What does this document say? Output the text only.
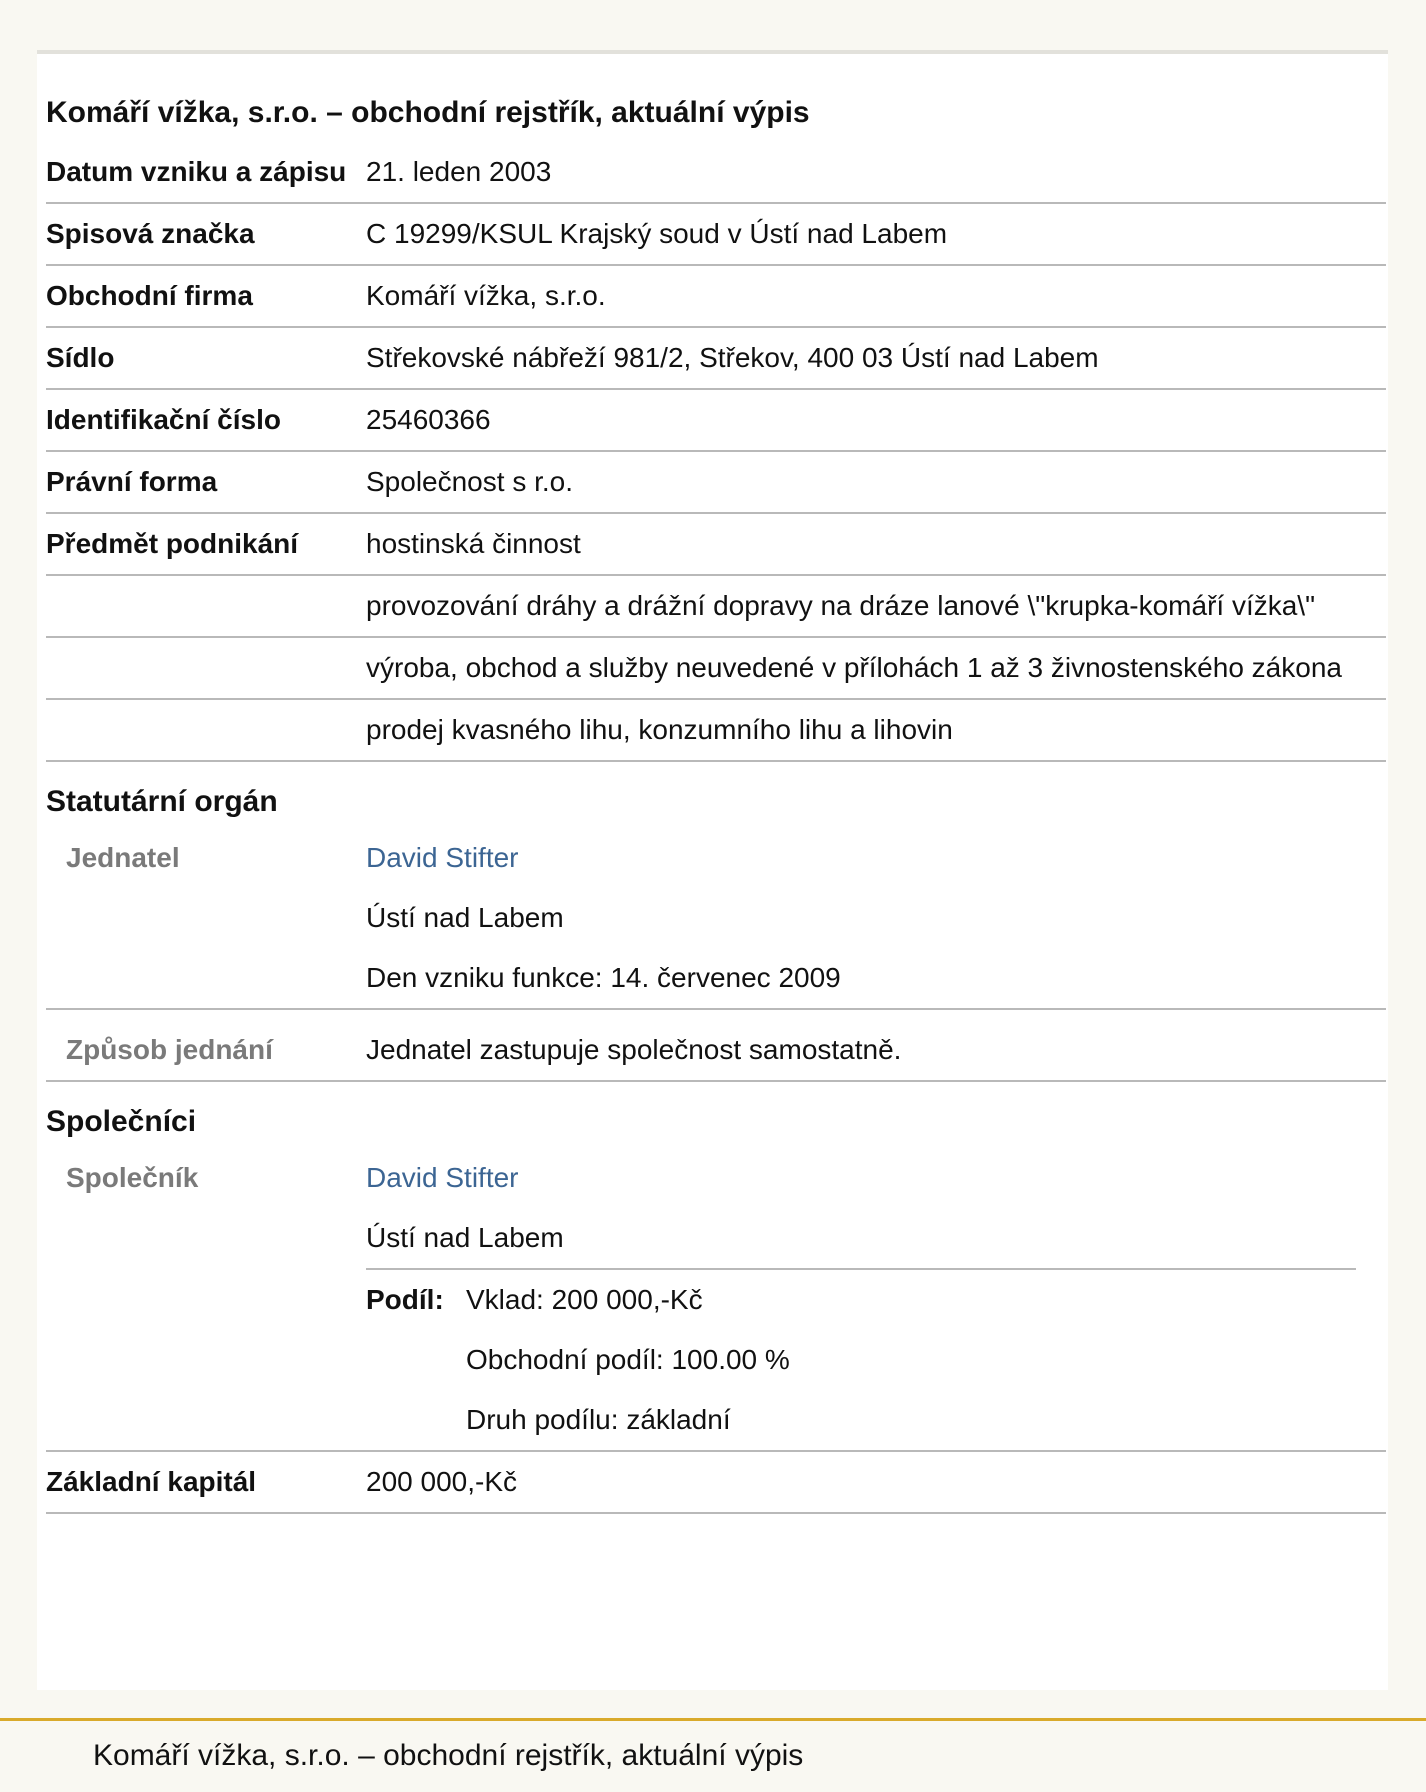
Komáří vížka, s.r.o. – obchodní rejstřík, aktuální výpis
Datum vzniku a zápisu 21. leden 2003
Spisová značka	C 19299/KSUL Krajský soud v Ústí nad Labem
Obchodní firma	Komáří vížka, s.r.o.
Sídlo	Střekovské nábřeží 981/2, Střekov, 400 03 Ústí nad Labem
Identifikační číslo	25460366
Právní forma	Společnost s r.o.
Předmět podnikání	hostinská činnost
provozování dráhy a drážní dopravy na dráze lanové \"krupka-komáří vížka\"
výroba, obchod a služby neuvedené v přílohách 1 až 3 živnostenského zákona
prodej kvasného lihu, konzumního lihu a lihovin
Statutární orgán
Jednatel	David Stifter
Ústí nad Labem
Den vzniku funkce: 14. červenec 2009
Způsob jednání	Jednatel zastupuje společnost samostatně.
Společníci
Společník	David Stifter
Ústí nad Labem
Podíl: Vklad: 200 000,-Kč
Obchodní podíl: 100.00 %
Druh podílu: základní
Základní kapitál	200 000,-Kč
Komáří vížka, s.r.o. – obchodní rejstřík, aktuální výpis
